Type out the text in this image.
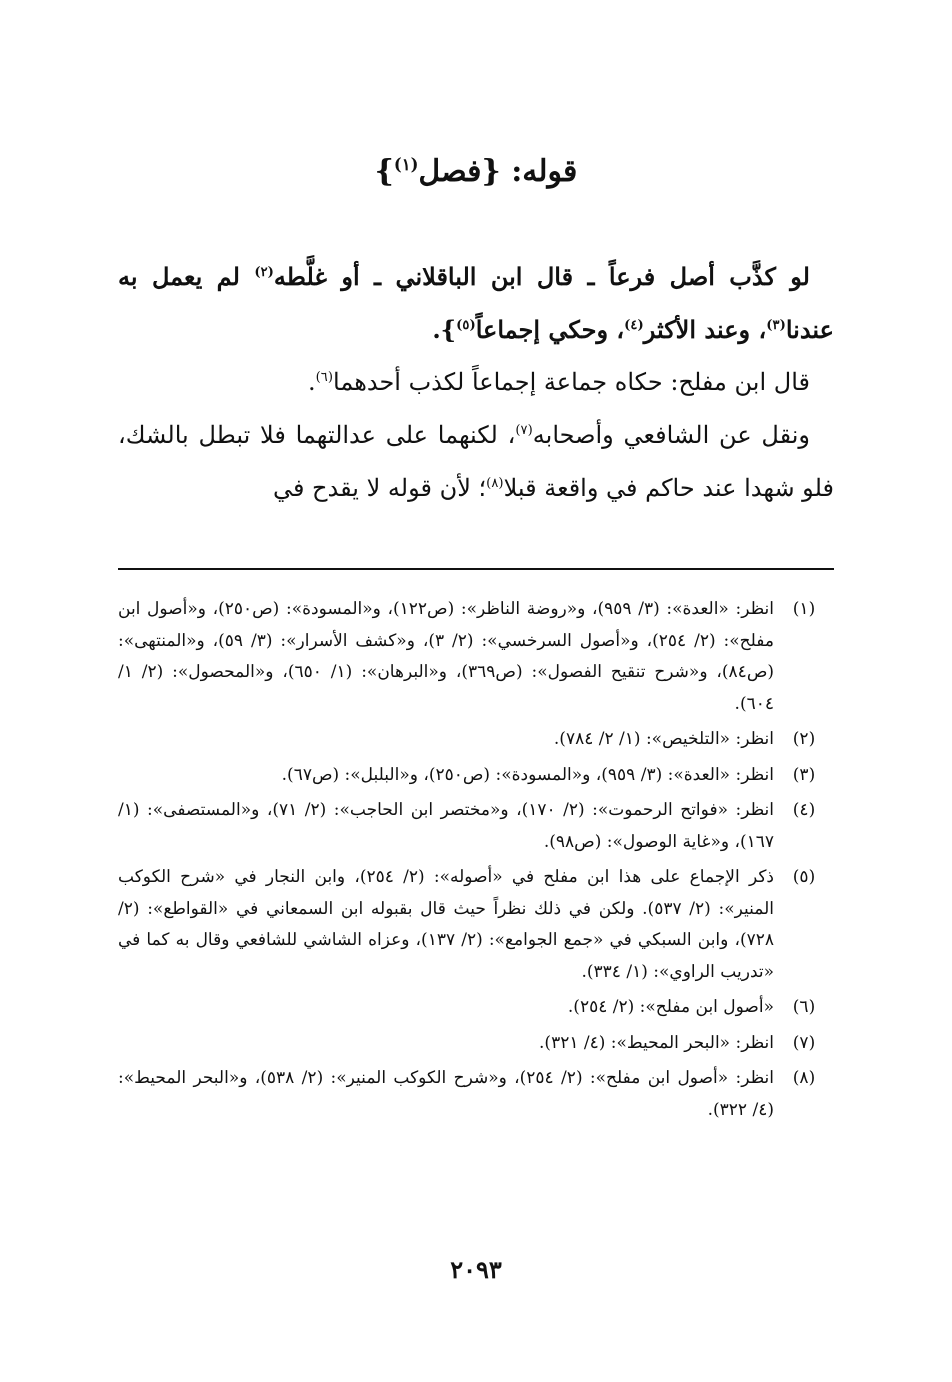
قوله: {فصل$^{(١)}$}

لو كذَّب أصل فرعاً ـ قال ابن الباقلاني ـ أو غلَّطه$^{(٢)}$ لم يعمل به عندنا$^{(٣)}$، وعند الأكثر$^{(٤)}$، وحكي إجماعاً$^{(٥)}$}.

قال ابن مفلح: حكاه جماعة إجماعاً لكذب أحدهما$^{(٦)}$.

ونقل عن الشافعي وأصحابه$^{(٧)}$، لكنهما على عدالتهما فلا تبطل بالشك، فلو شهدا عند حاكم في واقعة قبلا$^{(٨)}$؛ لأن قوله لا يقدح في

(١)
انظر: «العدة»: (٣/ ٩٥٩)، و«روضة الناظر»: (ص١٢٢)، و«المسودة»: (ص٢٥٠)، و«أصول ابن مفلح»: (٢/ ٢٥٤)، و«أصول السرخسي»: (٢/ ٣)، و«كشف الأسرار»: (٣/ ٥٩)، و«المنتهى»: (ص٨٤)، و«شرح تنقيح الفصول»: (ص٣٦٩)، و«البرهان»: (١/ ٦٥٠)، و«المحصول»: (٢/ ١/ ٦٠٤).
(٢)
انظر: «التلخيص»: (١/ ٢/ ٧٨٤).
(٣)
انظر: «العدة»: (٣/ ٩٥٩)، و«المسودة»: (ص٢٥٠)، و«البلبل»: (ص٦٧).
(٤)
انظر: «فواتح الرحموت»: (٢/ ١٧٠)، و«مختصر ابن الحاجب»: (٢/ ٧١)، و«المستصفى»: (١/ ١٦٧)، و«غاية الوصول»: (ص٩٨).
(٥)
ذكر الإجماع على هذا ابن مفلح في «أصوله»: (٢/ ٢٥٤)، وابن النجار في «شرح الكوكب المنير»: (٢/ ٥٣٧). ولكن في ذلك نظراً حيث قال بقبوله ابن السمعاني في «القواطع»: (٢/ ٧٢٨)، وابن السبكي في «جمع الجوامع»: (٢/ ١٣٧)، وعزاه الشاشي للشافعي وقال به كما في «تدريب الراوي»: (١/ ٣٣٤).
(٦)
«أصول ابن مفلح»: (٢/ ٢٥٤).
(٧)
انظر: «البحر المحيط»: (٤/ ٣٢١).
(٨)
انظر: «أصول ابن مفلح»: (٢/ ٢٥٤)، و«شرح الكوكب المنير»: (٢/ ٥٣٨)، و«البحر المحيط»: (٤/ ٣٢٢).
٢٠٩٣
